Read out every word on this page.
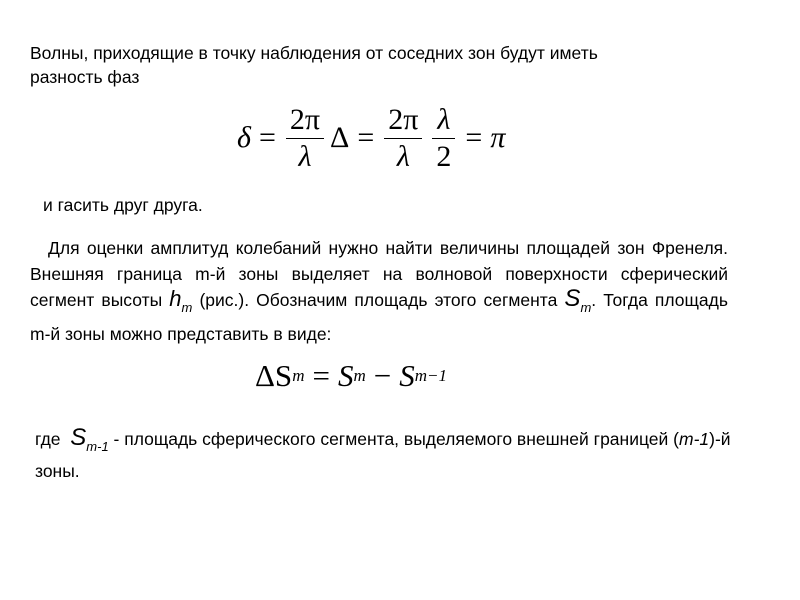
Волны, приходящие в точку наблюдения от соседних зон будут иметь
разность фаз
$\delta = \frac{2\pi}{\lambda}$ $\Delta = \frac{2\pi}{\lambda} \frac{\lambda}{2} = \pi$
и гасить друг друга.
Для оценки амплитуд колебаний нужно найти величины площадей зон Френеля. Внешняя граница m-й зоны выделяет на волновой поверхности сферический сегмент высоты $h_m$ (рис.). Обозначим площадь этого сегмента $S_m$. Тогда площадь m-й зоны можно представить в виде:
ΔS m = S m − S m−1
где  $S_{m-1}$ - площадь сферического сегмента, выделяемого внешней границей (m-1)-й зоны.
